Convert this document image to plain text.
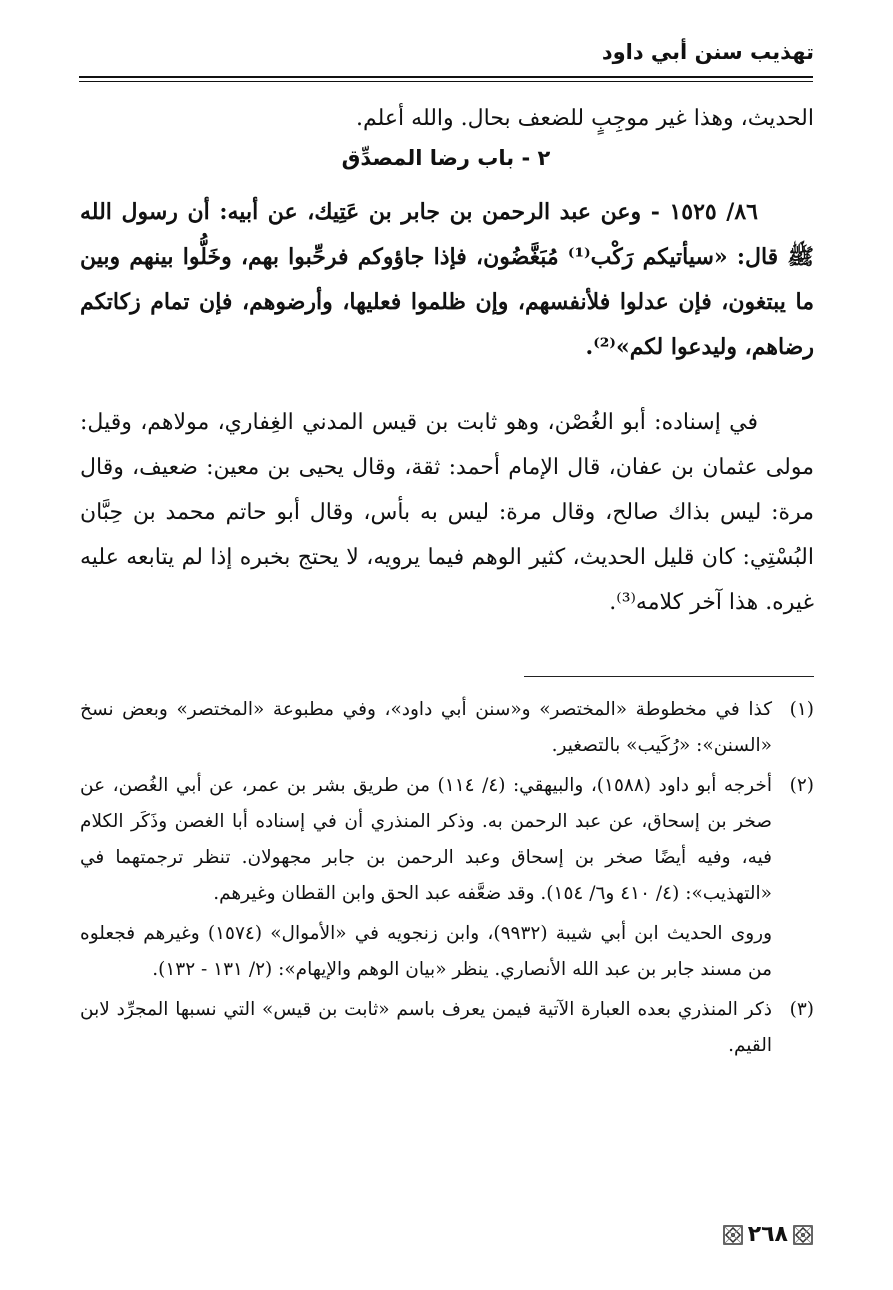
تهذيب سنن أبي داود
الحديث، وهذا غير موجِبٍ للضعف بحال. والله أعلم.
٢ - باب رضا المصدِّق
٨٦/ ١٥٢٥ - وعن عبد الرحمن بن جابر بن عَتِيك، عن أبيه: أن رسول الله ﷺ قال: «سيأتيكم رَكْب⁽¹⁾ مُبَغَّضُون، فإذا جاؤوكم فرحِّبوا بهم، وخَلُّوا بينهم وبين ما يبتغون، فإن عدلوا فلأنفسهم، وإن ظلموا فعليها، وأرضوهم، فإن تمام زكاتكم رضاهم، وليدعوا لكم»⁽²⁾.
في إسناده: أبو الغُصْن، وهو ثابت بن قيس المدني الغِفاري، مولاهم، وقيل: مولى عثمان بن عفان، قال الإمام أحمد: ثقة، وقال يحيى بن معين: ضعيف، وقال مرة: ليس بذاك صالح، وقال مرة: ليس به بأس، وقال أبو حاتم محمد بن حِبَّان البُسْتِي: كان قليل الحديث، كثير الوهم فيما يرويه، لا يحتج بخبره إذا لم يتابعه عليه غيره. هذا آخر كلامه⁽³⁾.
(١)
كذا في مخطوطة «المختصر» و«سنن أبي داود»، وفي مطبوعة «المختصر» وبعض نسخ «السنن»: «رُكَيب» بالتصغير.
(٢)
أخرجه أبو داود (١٥٨٨)، والبيهقي: (٤/ ١١٤) من طريق بشر بن عمر، عن أبي الغُصن، عن صخر بن إسحاق، عن عبد الرحمن به. وذكر المنذري أن في إسناده أبا الغصن وذَكَر الكلام فيه، وفيه أيضًا صخر بن إسحاق وعبد الرحمن بن جابر مجهولان. تنظر ترجمتهما في «التهذيب»: (٤/ ٤١٠ و٦/ ١٥٤). وقد ضعَّفه عبد الحق وابن القطان وغيرهم.
وروى الحديث ابن أبي شيبة (٩٩٣٢)، وابن زنجويه في «الأموال» (١٥٧٤) وغيرهم فجعلوه من مسند جابر بن عبد الله الأنصاري. ينظر «بيان الوهم والإيهام»: (٢/ ١٣١ - ١٣٢).
(٣)
ذكر المنذري بعده العبارة الآتية فيمن يعرف باسم «ثابت بن قيس» التي نسبها المجرِّد لابن القيم.
٢٦٨
